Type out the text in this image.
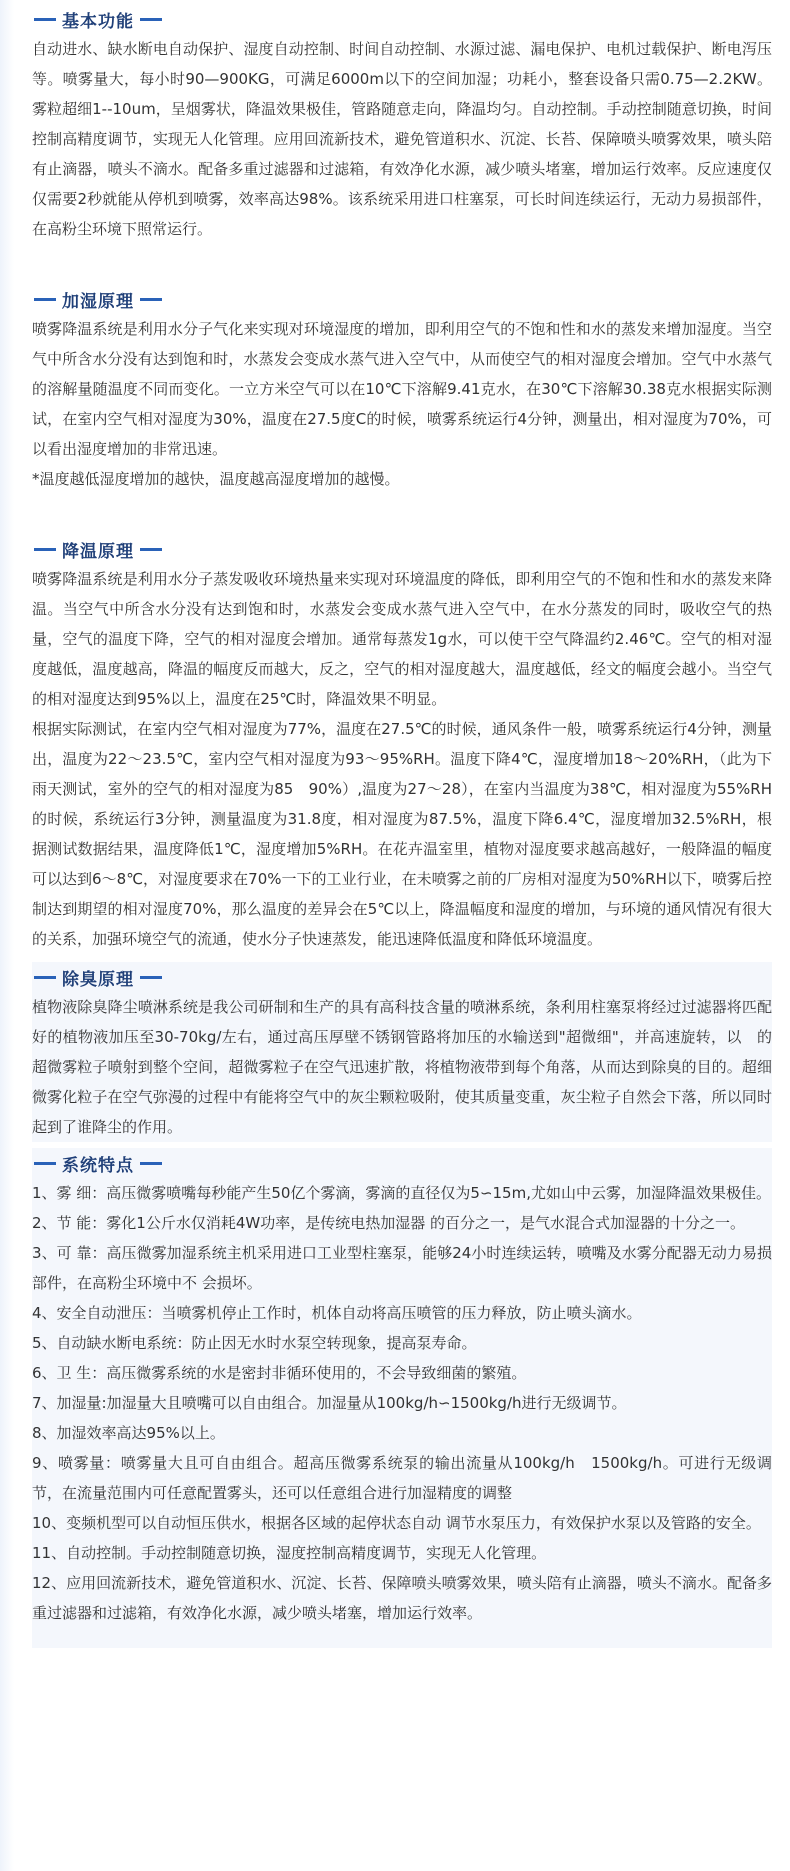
基本功能

自动进水、缺水断电自动保护、湿度自动控制、时间自动控制、水源过滤、漏电保护、电机过载保护、断电泻压等。喷雾量大，每小时90—900KG，可满足6000m以下的空间加湿；功耗小，整套设备只需0.75—2.2KW。雾粒超细1--10um，呈烟雾状，降温效果极佳，管路随意走向，降温均匀。自动控制。手动控制随意切换，时间控制高精度调节，实现无人化管理。应用回流新技术，避免管道积水、沉淀、长苔、保障喷头喷雾效果，喷头陪有止滴器，喷头不滴水。配备多重过滤器和过滤箱，有效净化水源，减少喷头堵塞，增加运行效率。反应速度仅仅需要2秒就能从停机到喷雾，效率高达98%。该系统采用进口柱塞泵，可长时间连续运行，无动力易损部件，在高粉尘环境下照常运行。

加湿原理

喷雾降温系统是利用水分子气化来实现对环境湿度的增加，即利用空气的不饱和性和水的蒸发来增加湿度。当空气中所含水分没有达到饱和时，水蒸发会变成水蒸气进入空气中，从而使空气的相对湿度会增加。空气中水蒸气的溶解量随温度不同而变化。一立方米空气可以在10℃下溶解9.41克水，在30℃下溶解30.38克水根据实际测试，在室内空气相对湿度为30%，温度在27.5度C的时候，喷雾系统运行4分钟，测量出，相对湿度为70%，可以看出湿度增加的非常迅速。

*温度越低湿度增加的越快，温度越高湿度增加的越慢。

降温原理

喷雾降温系统是利用水分子蒸发吸收环境热量来实现对环境温度的降低，即利用空气的不饱和性和水的蒸发来降温。当空气中所含水分没有达到饱和时，水蒸发会变成水蒸气进入空气中，在水分蒸发的同时，吸收空气的热量，空气的温度下降，空气的相对湿度会增加。通常每蒸发1g水，可以使干空气降温约2.46℃。空气的相对湿度越低，温度越高，降温的幅度反而越大，反之，空气的相对湿度越大，温度越低，经文的幅度会越小。当空气的相对湿度达到95%以上，温度在25℃时，降温效果不明显。

根据实际测试，在室内空气相对湿度为77%，温度在27.5℃的时候，通风条件一般，喷雾系统运行4分钟，测量出，温度为22～23.5℃，室内空气相对湿度为93～95%RH。温度下降4℃，湿度增加18～20%RH，（此为下雨天测试，室外的空气的相对湿度为85　90%）,温度为27～28），在室内当温度为38℃，相对湿度为55%RH的时候，系统运行3分钟，测量温度为31.8度，相对湿度为87.5%，温度下降6.4℃，湿度增加32.5%RH，根据测试数据结果，温度降低1℃，湿度增加5%RH。在花卉温室里，植物对湿度要求越高越好，一般降温的幅度可以达到6～8℃，对湿度要求在70%一下的工业行业，在未喷雾之前的厂房相对湿度为50%RH以下，喷雾后控制达到期望的相对湿度70%，那么温度的差异会在5℃以上，降温幅度和湿度的增加，与环境的通风情况有很大的关系，加强环境空气的流通，使水分子快速蒸发，能迅速降低温度和降低环境温度。

除臭原理

植物液除臭降尘喷淋系统是我公司研制和生产的具有高科技含量的喷淋系统，条利用柱塞泵将经过过滤器将匹配好的植物液加压至30-70kg/左右，通过高压厚壁不锈钢管路将加压的水输送到"超微细"，并高速旋转，以　的超微雾粒子喷射到整个空间，超微雾粒子在空气迅速扩散，将植物液带到每个角落，从而达到除臭的目的。超细微雾化粒子在空气弥漫的过程中有能将空气中的灰尘颗粒吸附，使其质量变重，灰尘粒子自然会下落，所以同时起到了谁降尘的作用。

系统特点

1、雾 细：高压微雾喷嘴每秒能产生50亿个雾滴，雾滴的直径仅为5∽15m,尤如山中云雾，加湿降温效果极佳。

2、节 能：雾化1公斤水仅消耗4W功率，是传统电热加湿器 的百分之一，是气水混合式加湿器的十分之一。

3、可 靠：高压微雾加湿系统主机采用进口工业型柱塞泵，能够24小时连续运转，喷嘴及水雾分配器无动力易损部件，在高粉尘环境中不 会损坏。

4、安全自动泄压：当喷雾机停止工作时，机体自动将高压喷管的压力释放，防止喷头滴水。

5、自动缺水断电系统：防止因无水时水泵空转现象，提高泵寿命。

6、卫 生：高压微雾系统的水是密封非循环使用的，不会导致细菌的繁殖。

7、加湿量:加湿量大且喷嘴可以自由组合。加湿量从100kg/h∽1500kg/h进行无级调节。

8、加湿效率高达95%以上。

9、喷雾量：喷雾量大且可自由组合。超高压微雾系统泵的输出流量从100kg/h　1500kg/h。可进行无级调节，在流量范围内可任意配置雾头，还可以任意组合进行加湿精度的调整

10、变频机型可以自动恒压供水，根据各区域的起停状态自动 调节水泵压力，有效保护水泵以及管路的安全。

11、自动控制。手动控制随意切换，湿度控制高精度调节，实现无人化管理。

12、应用回流新技术，避免管道积水、沉淀、长苔、保障喷头喷雾效果，喷头陪有止滴器，喷头不滴水。配备多重过滤器和过滤箱，有效净化水源，减少喷头堵塞，增加运行效率。
